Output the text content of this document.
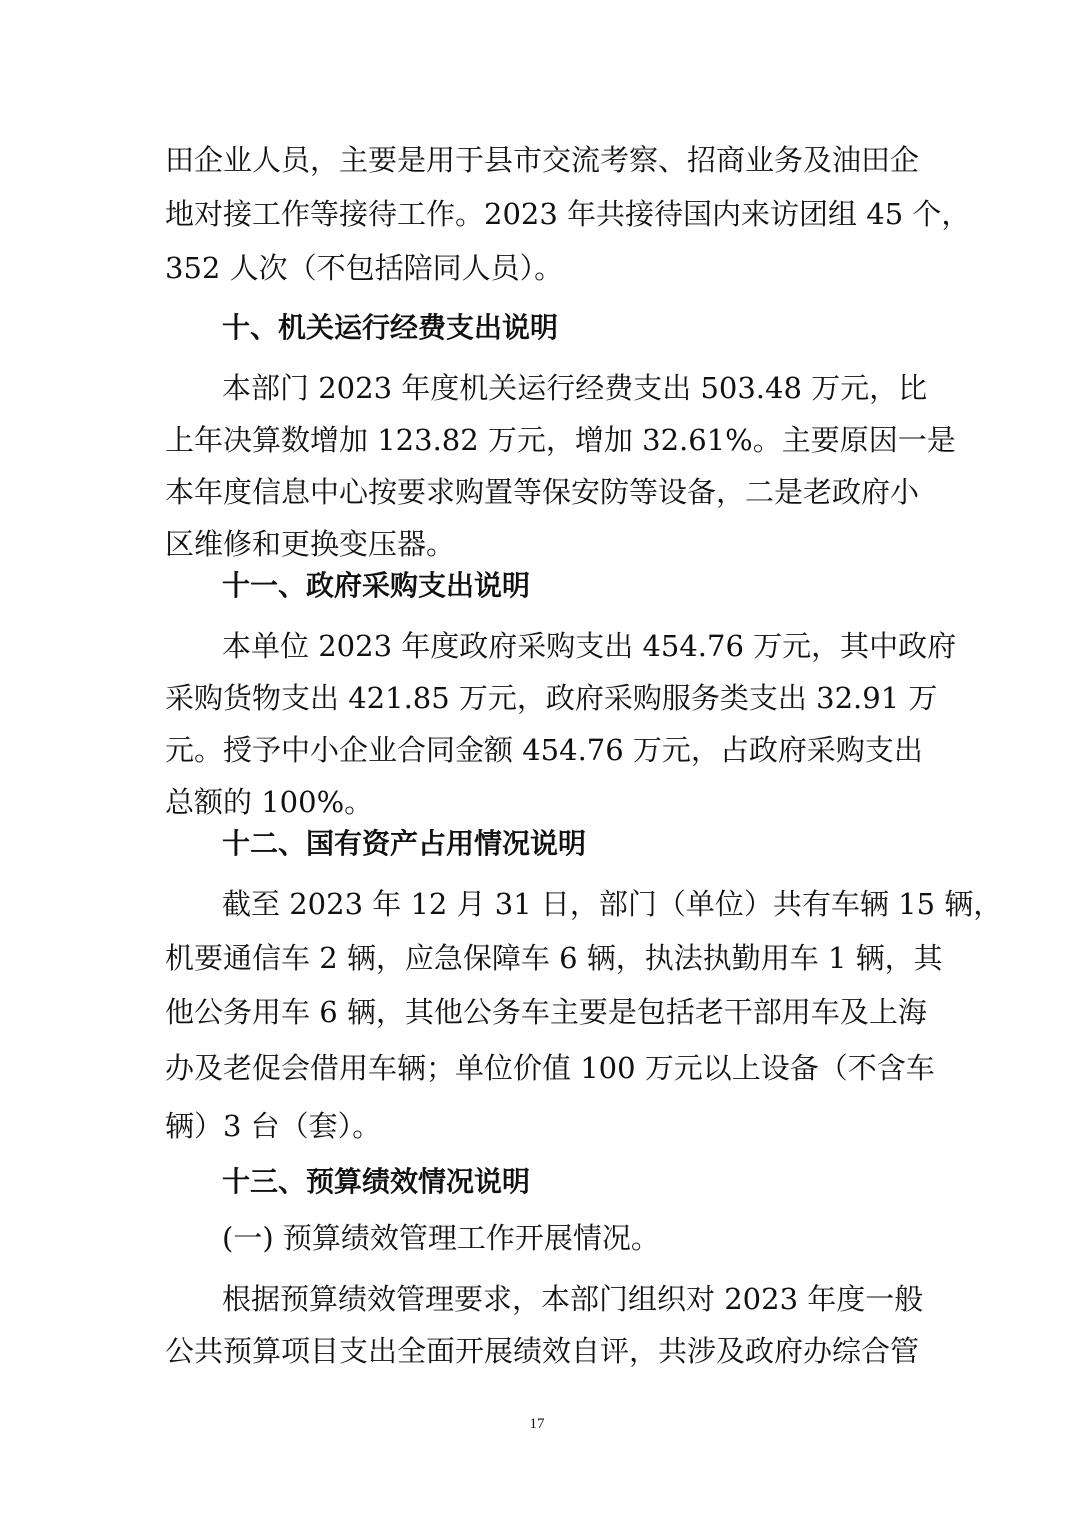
田企业人员，主要是用于县市交流考察、招商业务及油田企
地对接工作等接待工作。2023 年共接待国内来访团组 45 个，
352 人次（不包括陪同人员）。
十、机关运行经费支出说明
本部门 2023 年度机关运行经费支出 503.48 万元，比
上年决算数增加 123.82 万元，增加 32.61%。主要原因一是
本年度信息中心按要求购置等保安防等设备，二是老政府小
区维修和更换变压器。
十一、政府采购支出说明
本单位 2023 年度政府采购支出 454.76 万元，其中政府
采购货物支出 421.85 万元，政府采购服务类支出 32.91 万
元。授予中小企业合同金额 454.76 万元，占政府采购支出
总额的 100%。
十二、国有资产占用情况说明
截至 2023 年 12 月 31 日，部门（单位）共有车辆 15 辆，
机要通信车 2 辆，应急保障车 6 辆，执法执勤用车 1 辆，其
他公务用车 6 辆，其他公务车主要是包括老干部用车及上海
办及老促会借用车辆；单位价值 100 万元以上设备（不含车
辆）3 台（套）。
十三、预算绩效情况说明
(一) 预算绩效管理工作开展情况。
根据预算绩效管理要求，本部门组织对 2023 年度一般
公共预算项目支出全面开展绩效自评，共涉及政府办综合管
17
